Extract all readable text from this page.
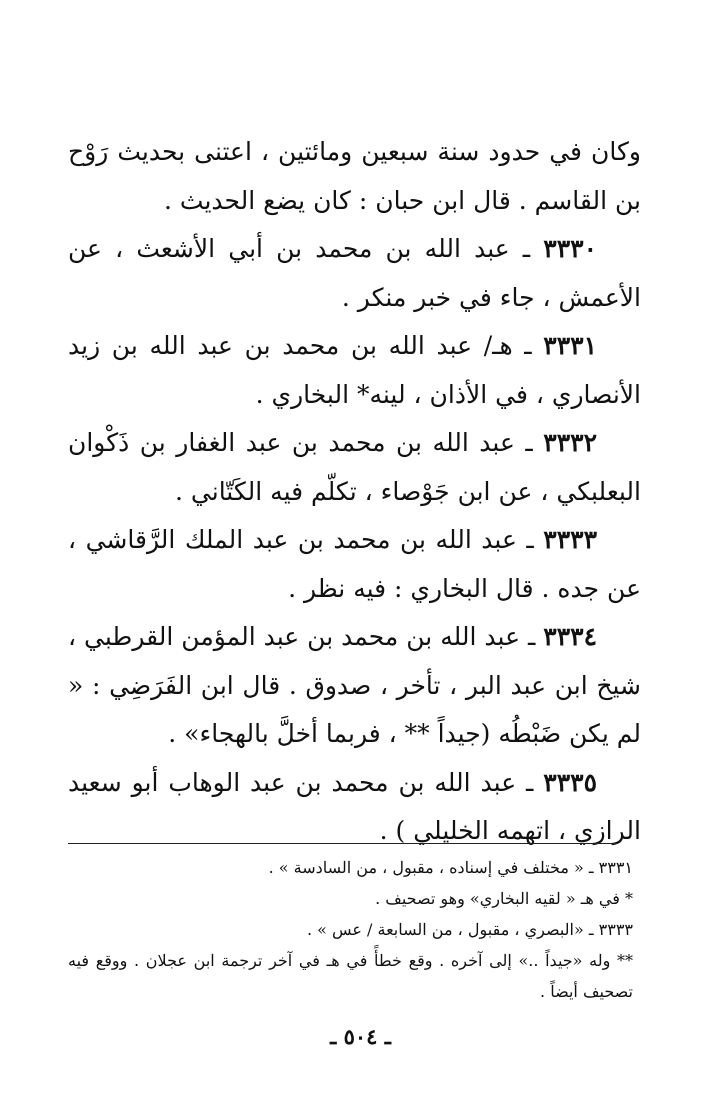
وكان في حدود سنة سبعين ومائتين ، اعتنى بحديث رَوْح بن القاسم . قال ابن حبان : كان يضع الحديث .

٣٣٣٠ ـ عبد الله بن محمد بن أبي الأشعث ، عن الأعمش ، جاء في خبر منكر .

٣٣٣١ ـ هـ/ عبد الله بن محمد بن عبد الله بن زيد الأنصاري ، في الأذان ، لينه* البخاري .

٣٣٣٢ ـ عبد الله بن محمد بن عبد الغفار بن ذَكْوان البعلبكي ، عن ابن جَوْصاء ، تكلّم فيه الكَتّاني .

٣٣٣٣ ـ عبد الله بن محمد بن عبد الملك الرَّقاشي ، عن جده . قال البخاري : فيه نظر .

٣٣٣٤ ـ عبد الله بن محمد بن عبد المؤمن القرطبي ، شيخ ابن عبد البر ، تأخر ، صدوق . قال ابن الفَرَضِي : « لم يكن ضَبْطُه (جيداً ** ، فربما أخلَّ بالهجاء» .

٣٣٣٥ ـ عبد الله بن محمد بن عبد الوهاب أبو سعيد الرازي ، اتهمه الخليلي ) .

٣٣٣١ ـ « مختلف في إسناده ، مقبول ، من السادسة » .

* في هـ « لقيه البخاري» وهو تصحيف .

٣٣٣٣ ـ «البصري ، مقبول ، من السابعة / عس » .

** وله «جيداً ..» إلى آخره . وقع خطأً في هـ في آخر ترجمة ابن عجلان . ووقع فيه تصحيف أيضاً .

ـ ٥٠٤ ـ
